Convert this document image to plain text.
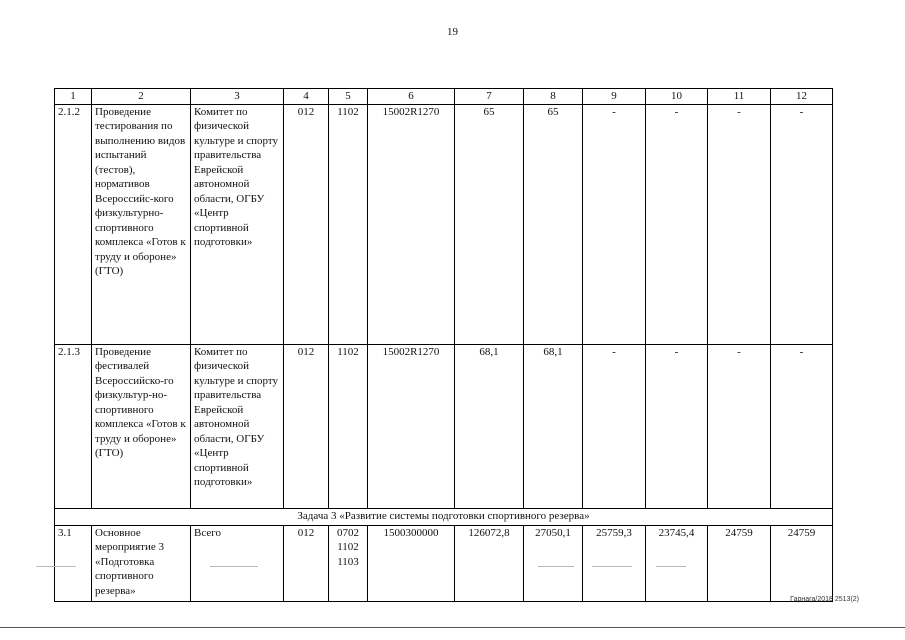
19
1	2	3	4	5	6	7	8	9	10	11	12
2.1.2	Проведение тестирования по выполнению видов испытаний (тестов), нормативов Всероссийс-кого физкультурно-спортивного комплекса «Готов к труду и обороне» (ГТО)	Комитет по физической культуре и спорту правительства Еврейской автономной области, ОГБУ «Центр спортивной подготовки»	012	1102	15002R1270	65	65	-	-	-	-
2.1.3	Проведение фестивалей Всероссийско-го физкультур-но-спортивного комплекса «Готов к труду и обороне» (ГТО)	Комитет по физической культуре и спорту правительства Еврейской автономной области, ОГБУ «Центр спортивной подготовки»	012	1102	15002R1270	68,1	68,1	-	-	-	-
Задача 3 «Развитие системы подготовки спортивного резерва»											
3.1	Основное мероприятие 3 «Подготовка спортивного резерва»	Всего	012	0702 1102 1103	1500300000	126072,8	27050,1	25759,3	23745,4	24759	24759
Гарнага/2018 2513(2)
